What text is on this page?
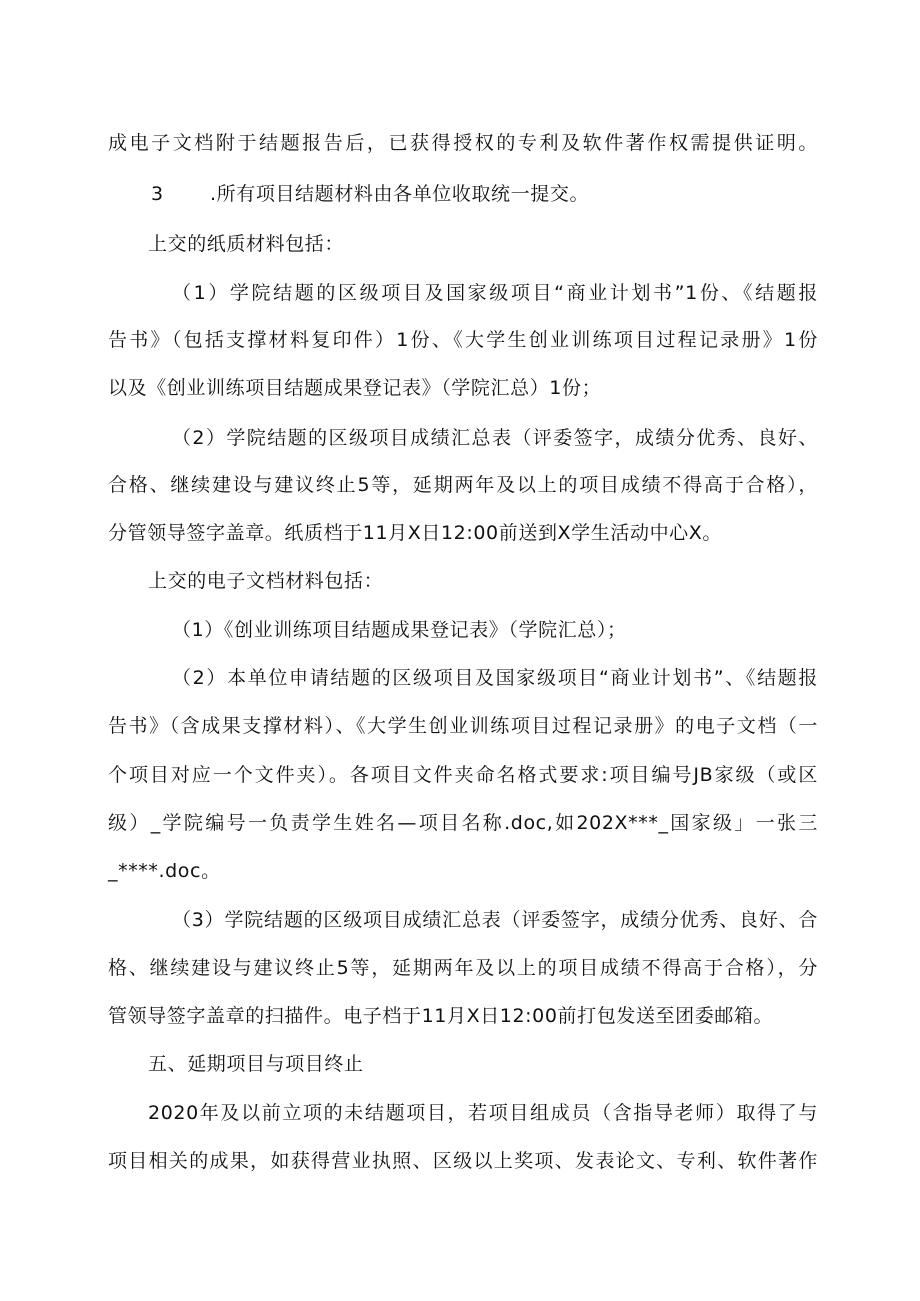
成电子文档附于结题报告后，已获得授权的专利及软件著作权需提供证明。
3 .所有项目结题材料由各单位收取统一提交。
上交的纸质材料包括：
（1）学院结题的区级项目及国家级项目“商业计划书”1份、《结题报
告书》（包括支撑材料复印件）1份、《大学生创业训练项目过程记录册》1份
以及《创业训练项目结题成果登记表》（学院汇总）1份；
（2）学院结题的区级项目成绩汇总表（评委签字，成绩分优秀、良好、
合格、继续建设与建议终止5等，延期两年及以上的项目成绩不得高于合格），
分管领导签字盖章。纸质档于11月X日12:00前送到X学生活动中心X。
上交的电子文档材料包括：
（1）《创业训练项目结题成果登记表》（学院汇总）；
（2）本单位申请结题的区级项目及国家级项目“商业计划书”、《结题报
告书》（含成果支撑材料）、《大学生创业训练项目过程记录册》的电子文档（一
个项目对应一个文件夹）。各项目文件夹命名格式要求:项目编号JB家级（或区
级）_学院编号一负责学生姓名—项目名称.doc,如202X***_国家级」一张三
_****.doc。
（3）学院结题的区级项目成绩汇总表（评委签字，成绩分优秀、良好、合
格、继续建设与建议终止5等，延期两年及以上的项目成绩不得高于合格），分
管领导签字盖章的扫描件。电子档于11月X日12:00前打包发送至团委邮箱。
五、延期项目与项目终止
2020年及以前立项的未结题项目，若项目组成员（含指导老师）取得了与
项目相关的成果，如获得营业执照、区级以上奖项、发表论文、专利、软件著作
